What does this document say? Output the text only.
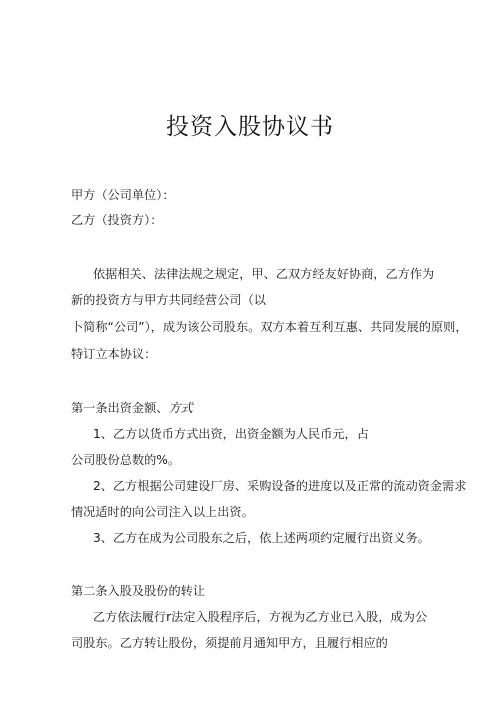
投资入股协议书
甲方（公司单位）：
乙方（投资方）：
依据相关、法律法规之规定，甲、乙双方经友好协商，乙方作为
新的投资方与甲方共同经营公司（以
卜简称“公司”），成为该公司股东。双方本着互利互惠、共同发展的原则，
特订立本协议：
第一条出资金额、方式
1、乙方以货币方式出资，出资金额为人民币元，占
公司股份总数的%。
2、乙方根据公司建设厂房、采购设备的进度以及正常的流动资金需求
情况适时的向公司注入以上出资。
3、乙方在成为公司股东之后，依上述两项约定履行出资义务。
第二条入股及股份的转让
乙方依法履行r法定入股程序后，方视为乙方业已入股，成为公
司股东。乙方转让股份，须提前月通知甲方，且履行相应的
